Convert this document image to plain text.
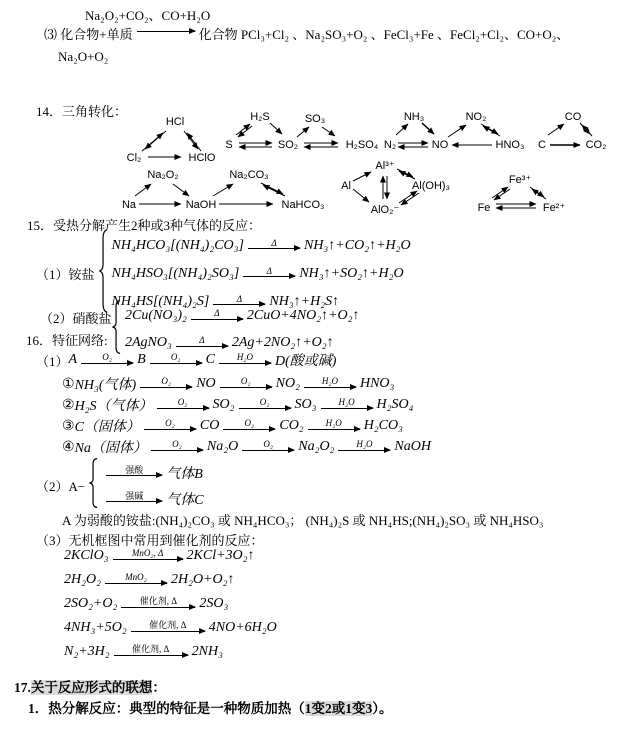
Na₂O₂+CO₂、CO+H₂O
⑶ 化合物+单质	化合物 PCl₃+Cl₂ 、Na₂SO₃+O₂ 、FeCl₃+Fe 、FeCl₂+Cl₂、CO+O₂、
Na₂O+O₂
14．三角转化：
HCl
Cl₂	HClO
H₂S
S	SO₂
SO₃
H₂SO₄
NH₃
N₂	NO
NO₂
HNO₃
CO
C	CO₂
Na₂O₂
Na	NaOH
Na₂CO₃
NaHCO₃
Al
Al³⁺
AlO₂⁻
Al(OH)₃	Fe³⁺
Fe	Fe²⁺
15．受热分解产生2种或3种气体的反应：
（1）铵盐
NH₄HCO₃[(NH₄)₂CO₃]	Δ NH₃↑+CO₂↑+H₂O
NH₄HSO₃[(NH₄)₂SO₃]	Δ NH₃↑+SO₂↑+H₂O
NH₄HS[(NH₄)₂S]	Δ NH₃↑+H₂S↑
（2）硝酸盐 2Cu(NO₃)₂	Δ 2CuO+4NO₂↑+O₂↑
2AgNO₃	Δ 2Ag+2NO₂↑+O₂↑
16．特征网络:
（1） A	O₂ B	O₂ C H₂O D(酸或碱)
① NH₃(气体)	O₂ NO	O₂ NO₂ H₂O HNO₃
② H₂S（气体）	O₂ SO₂	O₂ SO₃ H₂O H₂SO₄
③ C（固体）	O₂ CO	O₂ CO₂ H₂O H₂CO₃
④ Na（固体）	O₂ Na₂O	O₂ Na₂O₂ H₂O NaOH
（2）A−
强酸 气体B
强碱 气体C
A 为弱酸的铵盐:(NH₄)₂CO₃ 或 NH₄HCO₃； (NH₄)₂S 或 NH₄HS;(NH₄)₂SO₃ 或 NH₄HSO₃
（3）无机框图中常用到催化剂的反应：
2KClO₃	MnO₂, Δ 2KCl+3O₂↑
2H₂O₂	MnO₂ 2H₂O+O₂↑
2SO₂+O₂ 催化剂, Δ 2SO₃
4NH₃+5O₂ 催化剂, Δ 4NO+6H₂O
N₂+3H₂ 催化剂, Δ 2NH₃
17.关于反应形式的联想：
1．热分解反应：典型的特征是一种物质加热（1变2或1变3）。
